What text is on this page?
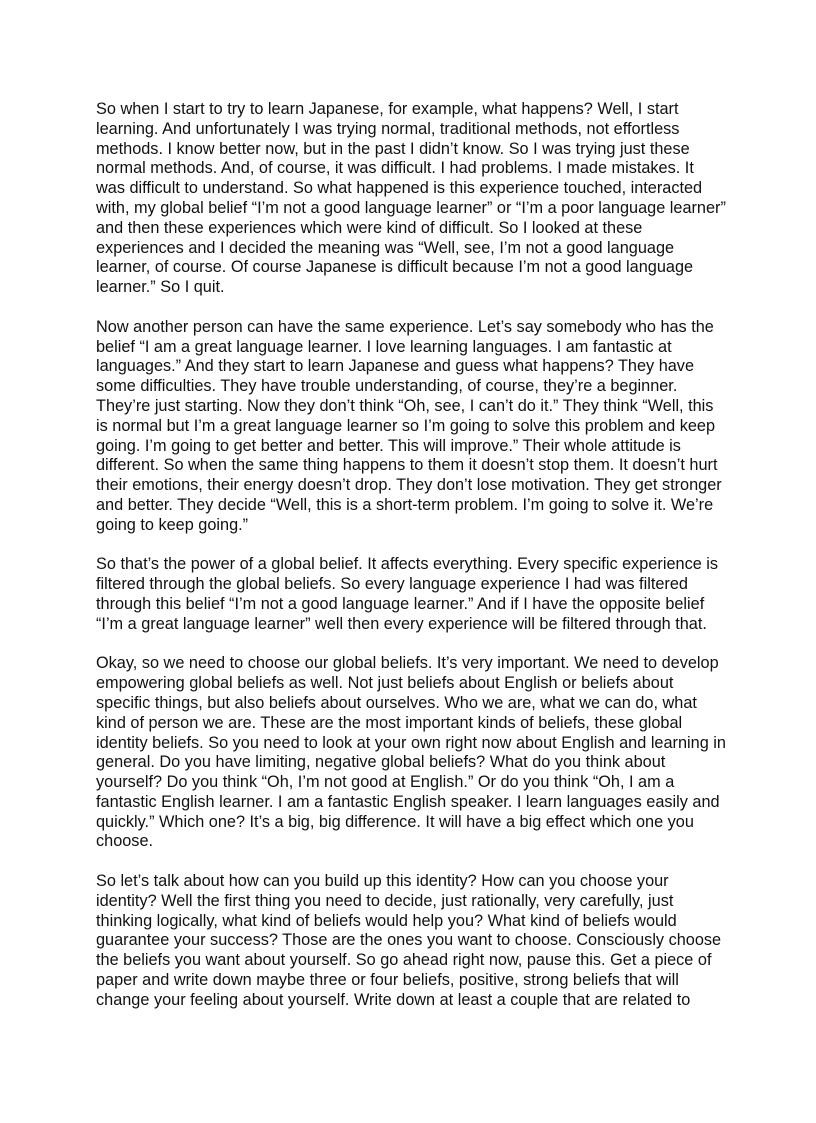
So when I start to try to learn Japanese, for example, what happens? Well, I start
learning. And unfortunately I was trying normal, traditional methods, not effortless
methods. I know better now, but in the past I didn’t know. So I was trying just these
normal methods. And, of course, it was difficult. I had problems. I made mistakes. It
was difficult to understand. So what happened is this experience touched, interacted
with, my global belief “I’m not a good language learner” or “I’m a poor language learner”
and then these experiences which were kind of difficult. So I looked at these
experiences and I decided the meaning was “Well, see, I’m not a good language
learner, of course. Of course Japanese is difficult because I’m not a good language
learner.” So I quit.

Now another person can have the same experience. Let’s say somebody who has the
belief “I am a great language learner. I love learning languages. I am fantastic at
languages.” And they start to learn Japanese and guess what happens? They have
some difficulties. They have trouble understanding, of course, they’re a beginner.
They’re just starting. Now they don’t think “Oh, see, I can’t do it.” They think “Well, this
is normal but I’m a great language learner so I’m going to solve this problem and keep
going. I’m going to get better and better. This will improve.” Their whole attitude is
different. So when the same thing happens to them it doesn’t stop them. It doesn’t hurt
their emotions, their energy doesn’t drop. They don’t lose motivation. They get stronger
and better. They decide “Well, this is a short-term problem. I’m going to solve it. We’re
going to keep going.”

So that’s the power of a global belief. It affects everything. Every specific experience is
filtered through the global beliefs. So every language experience I had was filtered
through this belief “I’m not a good language learner.” And if I have the opposite belief
“I’m a great language learner” well then every experience will be filtered through that.

Okay, so we need to choose our global beliefs. It’s very important. We need to develop
empowering global beliefs as well. Not just beliefs about English or beliefs about
specific things, but also beliefs about ourselves. Who we are, what we can do, what
kind of person we are. These are the most important kinds of beliefs, these global
identity beliefs. So you need to look at your own right now about English and learning in
general. Do you have limiting, negative global beliefs? What do you think about
yourself? Do you think “Oh, I’m not good at English.” Or do you think “Oh, I am a
fantastic English learner. I am a fantastic English speaker. I learn languages easily and
quickly.” Which one? It’s a big, big difference. It will have a big effect which one you
choose.

So let’s talk about how can you build up this identity? How can you choose your
identity? Well the first thing you need to decide, just rationally, very carefully, just
thinking logically, what kind of beliefs would help you? What kind of beliefs would
guarantee your success? Those are the ones you want to choose. Consciously choose
the beliefs you want about yourself. So go ahead right now, pause this. Get a piece of
paper and write down maybe three or four beliefs, positive, strong beliefs that will
change your feeling about yourself. Write down at least a couple that are related to
